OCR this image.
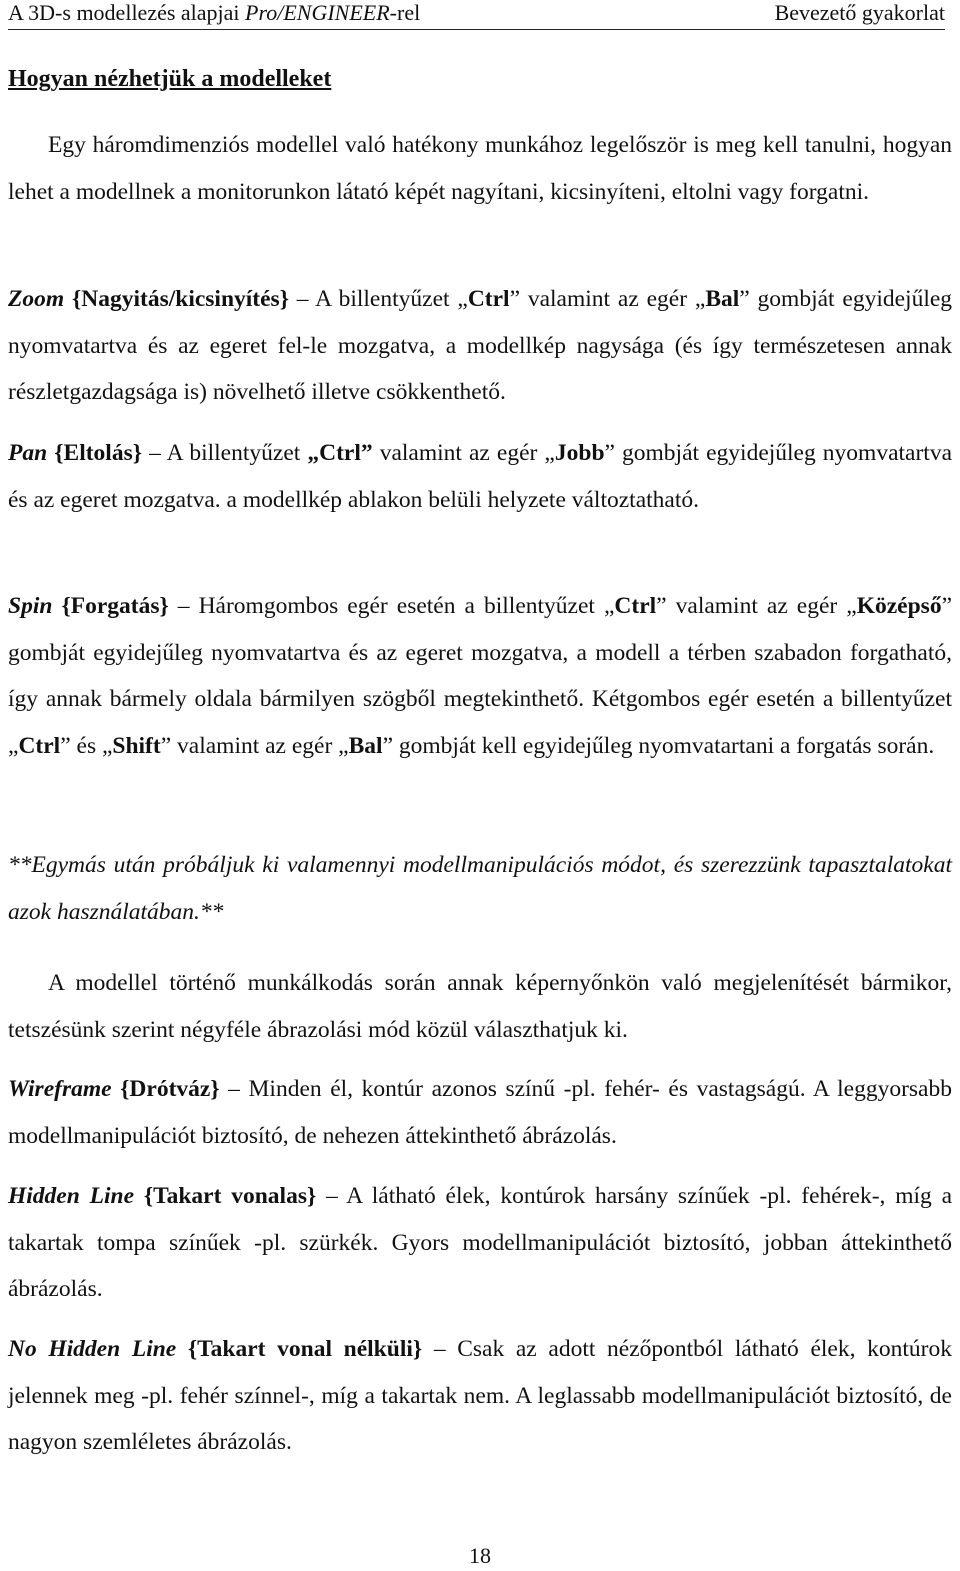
A 3D-s modellezés alapjai Pro/ENGINEER-rel	Bevezető gyakorlat
Hogyan nézhetjük a modelleket

Egy háromdimenziós modellel való hatékony munkához legelőször is meg kell tanulni, hogyan lehet a modellnek a monitorunkon látató képét nagyítani, kicsinyíteni, eltolni vagy forgatni.

Zoom {Nagyitás/kicsinyítés} – A billentyűzet „Ctrl” valamint az egér „Bal” gombját egyidejűleg nyomvatartva és az egeret fel-le mozgatva, a modellkép nagysága (és így természetesen annak részletgazdagsága is) növelhető illetve csökkenthető.

Pan {Eltolás} – A billentyűzet „Ctrl” valamint az egér „Jobb” gombját egyidejűleg nyomvatartva és az egeret mozgatva. a modellkép ablakon belüli helyzete változtatható.

Spin {Forgatás} – Háromgombos egér esetén a billentyűzet „Ctrl” valamint az egér „Középső” gombját egyidejűleg nyomvatartva és az egeret mozgatva, a modell a térben szabadon forgatható, így annak bármely oldala bármilyen szögből megtekinthető. Kétgombos egér esetén a billentyűzet „Ctrl” és „Shift” valamint az egér „Bal” gombját kell egyidejűleg nyomvatartani a forgatás során.

**Egymás után próbáljuk ki valamennyi modellmanipulációs módot, és szerezzünk tapasztalatokat azok használatában.**

A modellel történő munkálkodás során annak képernyőnkön való megjelenítését bármikor, tetszésünk szerint négyféle ábrazolási mód közül választhatjuk ki.

Wireframe {Drótváz} – Minden él, kontúr azonos színű -pl. fehér- és vastagságú. A leggyorsabb modellmanipulációt biztosító, de nehezen áttekinthető ábrázolás.

Hidden Line {Takart vonalas} – A látható élek, kontúrok harsány színűek -pl. fehérek-, míg a takartak tompa színűek -pl. szürkék. Gyors modellmanipulációt biztosító, jobban áttekinthető ábrázolás.

No Hidden Line {Takart vonal nélküli} – Csak az adott nézőpontból látható élek, kontúrok jelennek meg -pl. fehér színnel-, míg a takartak nem. A leglassabb modellmanipulációt biztosító, de nagyon szemléletes ábrázolás.

18
